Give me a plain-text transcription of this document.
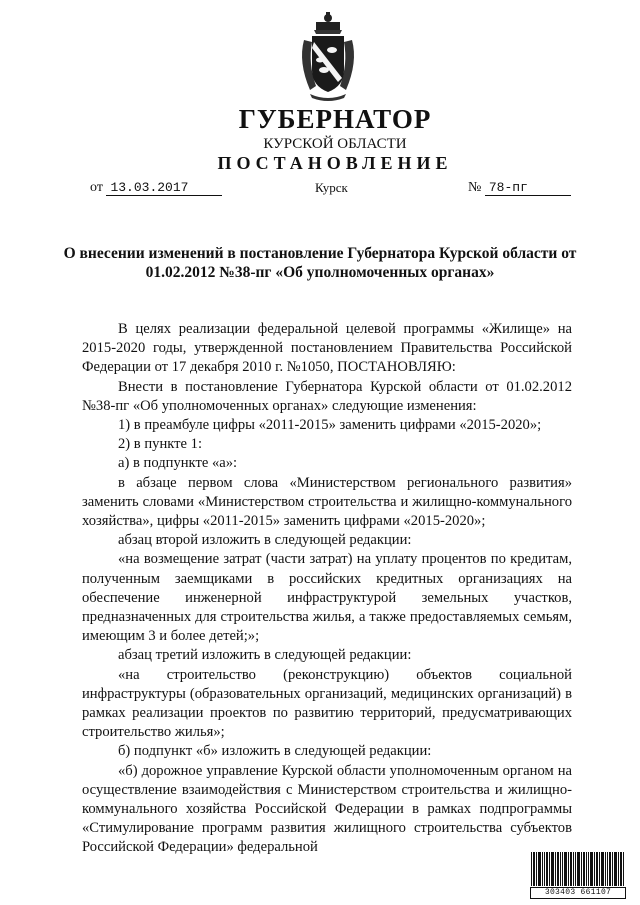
ГУБЕРНАТОР
КУРСКОЙ ОБЛАСТИ
ПОСТАНОВЛЕНИЕ
от 13.03.2017	Курск	№ 78-пг
О внесении изменений в постановление Губернатора Курской области от 01.02.2012 №38-пг «Об уполномоченных органах»

В целях реализации федеральной целевой программы «Жилище» на 2015-2020 годы, утвержденной постановлением Правительства Российской Федерации от 17 декабря 2010 г. №1050, ПОСТАНОВЛЯЮ:

Внести в постановление Губернатора Курской области от 01.02.2012 №38-пг «Об уполномоченных органах» следующие изменения:

1) в преамбуле цифры «2011-2015» заменить цифрами «2015-2020»;

2) в пункте 1:

а) в подпункте «а»:

в абзаце первом слова «Министерством регионального развития» заменить словами «Министерством строительства и жилищно-коммунального хозяйства», цифры «2011-2015» заменить цифрами «2015-2020»;

абзац второй изложить в следующей редакции:

«на возмещение затрат (части затрат) на уплату процентов по кредитам, полученным заемщиками в российских кредитных организациях на обеспечение инженерной инфраструктурой земельных участков, предназначенных для строительства жилья, а также предоставляемых семьям, имеющим 3 и более детей;»;

абзац третий изложить в следующей редакции:

«на строительство (реконструкцию) объектов социальной инфраструктуры (образовательных организаций, медицинских организаций) в рамках реализации проектов по развитию территорий, предусматривающих строительство жилья»;

б) подпункт «б» изложить в следующей редакции:

«б) дорожное управление Курской области уполномоченным органом на осуществление взаимодействия с Министерством строительства и жилищно-коммунального хозяйства Российской Федерации в рамках подпрограммы «Стимулирование программ развития жилищного строительства субъектов Российской Федерации» федеральной

303403 661107
